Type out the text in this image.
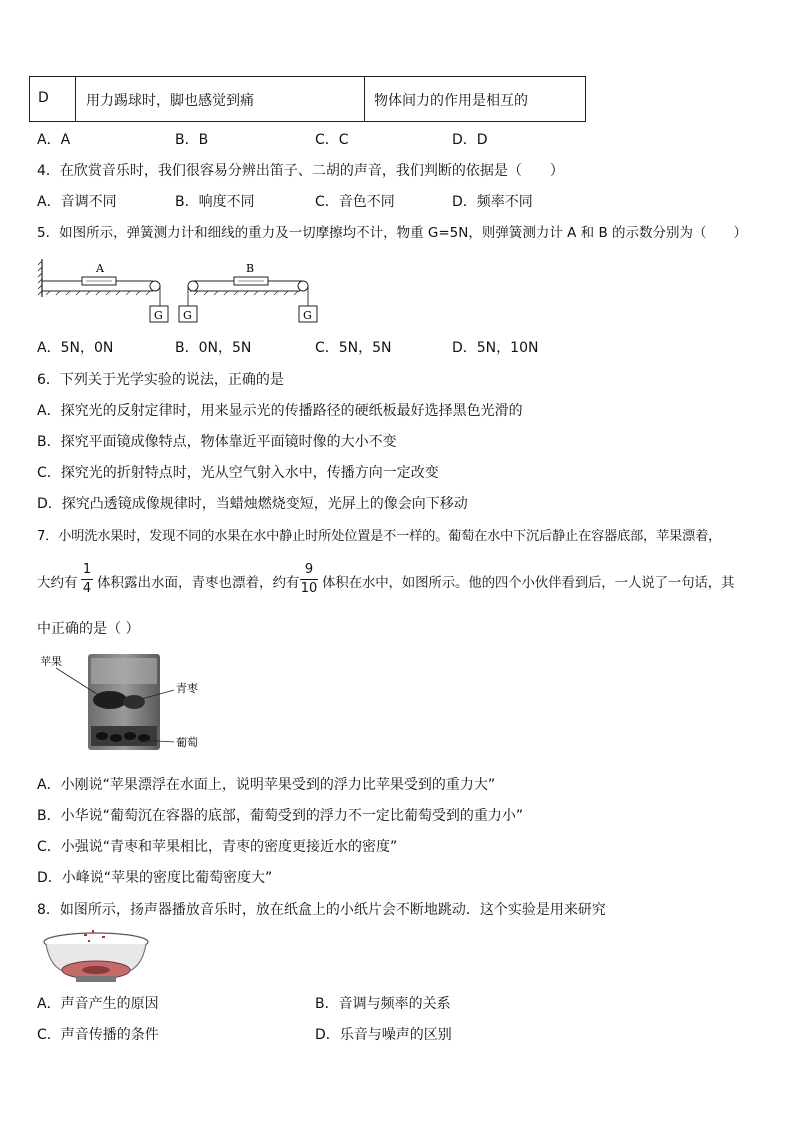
D	用力踢球时，脚也感觉到痛	物体间力的作用是相互的
A．A	B．B	C．C	D．D
4．在欣赏音乐时，我们很容易分辨出笛子、二胡的声音，我们判断的依据是（　　）
A．音调不同	B．响度不同	C．音色不同	D．频率不同
5．如图所示，弹簧测力计和细线的重力及一切摩擦均不计，物重 G=5N，则弹簧测力计 A 和 B 的示数分别为（　　）
A
G G
B
G
A．5N，0N	B．0N，5N	C．5N，5N	D．5N，10N
6．下列关于光学实验的说法，正确的是
A．探究光的反射定律时，用来显示光的传播路径的硬纸板最好选择黑色光滑的
B．探究平面镜成像特点，物体靠近平面镜时像的大小不变
C．探究光的折射特点时，光从空气射入水中，传播方向一定改变
D．探究凸透镜成像规律时，当蜡烛燃烧变短，光屏上的像会向下移动
7．小明洗水果时，发现不同的水果在水中静止时所处位置是不一样的。葡萄在水中下沉后静止在容器底部，苹果漂着，
大约有
1
4 体积露出水面，青枣也漂着，约有
9
10 体积在水中，如图所示。他的四个小伙伴看到后，一人说了一句话，其
中正确的是（ ）
苹果
青枣
葡萄
A．小刚说“苹果漂浮在水面上，说明苹果受到的浮力比苹果受到的重力大”
B．小华说“葡萄沉在容器的底部，葡萄受到的浮力不一定比葡萄受到的重力小”
C．小强说“青枣和苹果相比，青枣的密度更接近水的密度”
D．小峰说“苹果的密度比葡萄密度大”
8．如图所示，扬声器播放音乐时，放在纸盒上的小纸片会不断地跳动．这个实验是用来研究
A．声音产生的原因	B．音调与频率的关系
C．声音传播的条件	D．乐音与噪声的区别
